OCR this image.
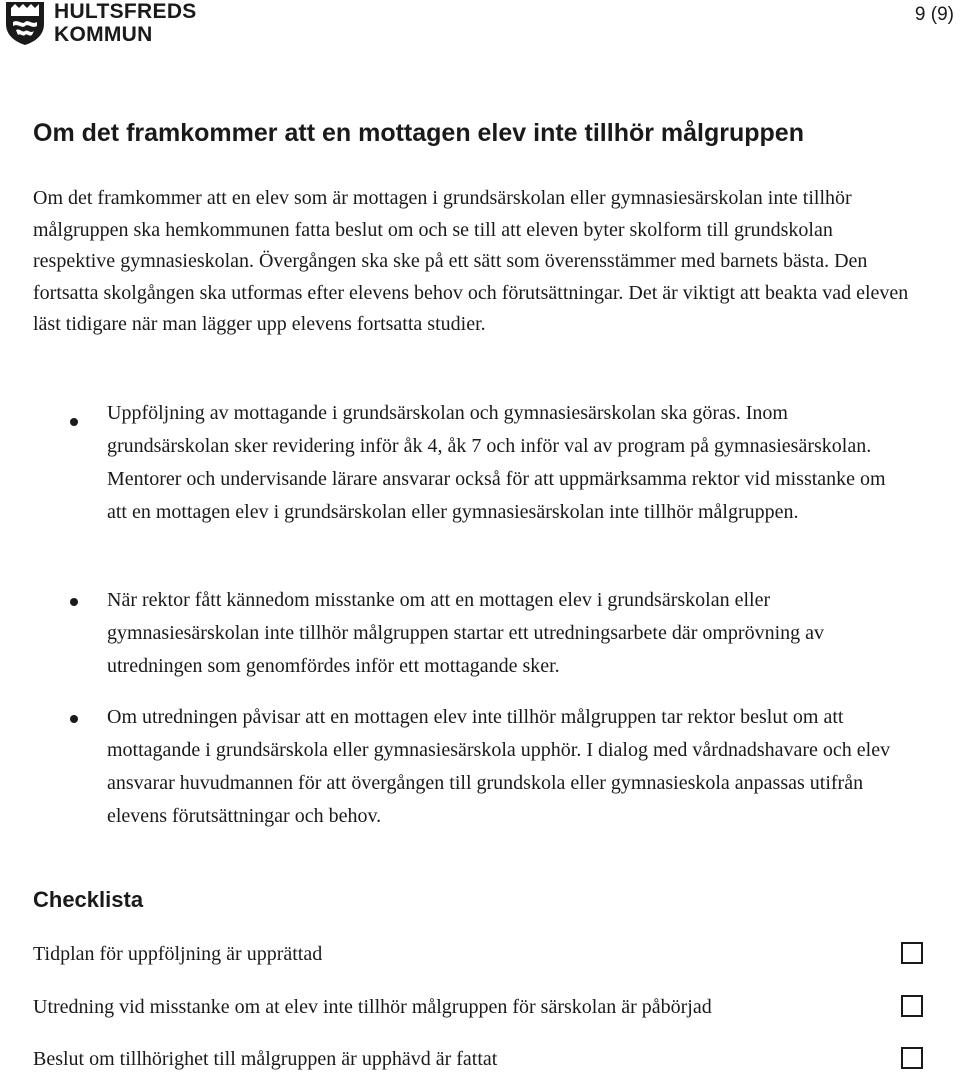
HULTSFREDS
KOMMUN
9 (9)
Om det framkommer att en mottagen elev inte tillhör målgruppen

Om det framkommer att en elev som är mottagen i grundsärskolan eller gymnasiesärskolan inte tillhör målgruppen ska hemkommunen fatta beslut om och se till att eleven byter skolform till grundskolan respektive gymnasieskolan. Övergången ska ske på ett sätt som överensstämmer med barnets bästa. Den fortsatta skolgången ska utformas efter elevens behov och förutsättningar. Det är viktigt att beakta vad eleven läst tidigare när man lägger upp elevens fortsatta studier.

Uppföljning av mottagande i grundsärskolan och gymnasiesärskolan ska göras. Inom grundsärskolan sker revidering inför åk 4, åk 7 och inför val av program på gymnasiesärskolan. Mentorer och undervisande lärare ansvarar också för att uppmärksamma rektor vid misstanke om att en mottagen elev i grundsärskolan eller gymnasiesärskolan inte tillhör målgruppen.

När rektor fått kännedom misstanke om att en mottagen elev i grundsärskolan eller gymnasiesärskolan inte tillhör målgruppen startar ett utredningsarbete där omprövning av utredningen som genomfördes inför ett mottagande sker.

Om utredningen påvisar att en mottagen elev inte tillhör målgruppen tar rektor beslut om att mottagande i grundsärskola eller gymnasiesärskola upphör. I dialog med vårdnadshavare och elev ansvarar huvudmannen för att övergången till grundskola eller gymnasieskola anpassas utifrån elevens förutsättningar och behov.

Checklista
Tidplan för uppföljning är upprättad
Utredning vid misstanke om at elev inte tillhör målgruppen för särskolan är påbörjad
Beslut om tillhörighet till målgruppen är upphävd är fattat
